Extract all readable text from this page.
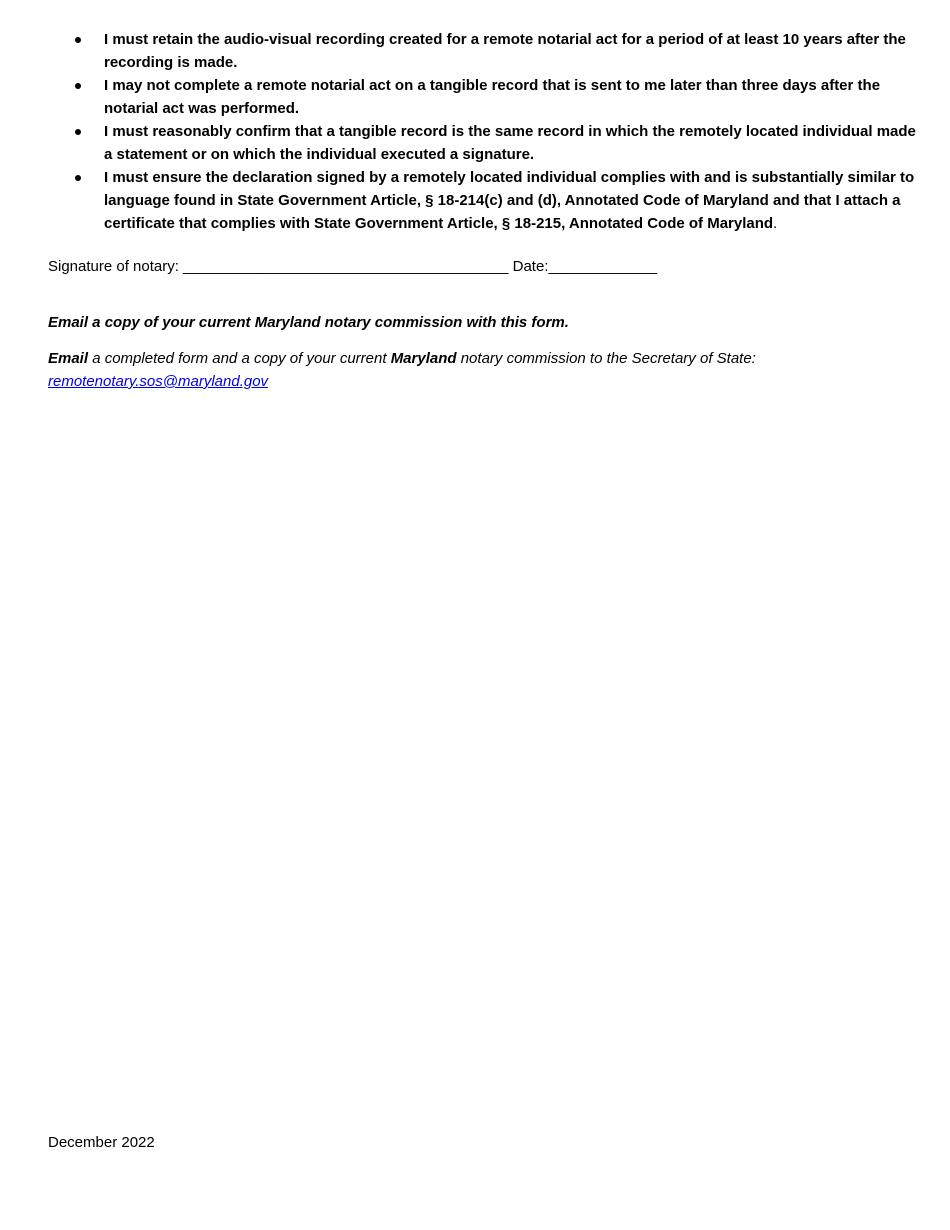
I must retain the audio-visual recording created for a remote notarial act for a period of at least 10 years after the recording is made.
I may not complete a remote notarial act on a tangible record that is sent to me later than three days after the notarial act was performed.
I must reasonably confirm that a tangible record is the same record in which the remotely located individual made a statement or on which the individual executed a signature.
I must ensure the declaration signed by a remotely located individual complies with and is substantially similar to language found in State Government Article, § 18-214(c) and (d), Annotated Code of Maryland and that I attach a certificate that complies with State Government Article, § 18-215, Annotated Code of Maryland.
Signature of notary: _______________________________________ Date:_____________
Email a copy of your current Maryland notary commission with this form.
Email a completed form and a copy of your current Maryland notary commission to the Secretary of State:
remotenotary.sos@maryland.gov
December 2022
